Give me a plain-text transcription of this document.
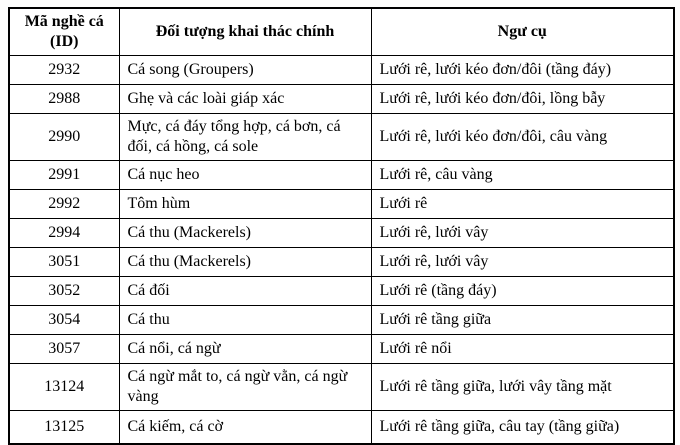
Mã nghề cá (ID)	Đối tượng khai thác chính	Ngư cụ
2932	Cá song (Groupers)	Lưới rê, lưới kéo đơn/đôi (tầng đáy)
2988	Ghẹ và các loài giáp xác	Lưới rê, lưới kéo đơn/đôi, lồng bẫy
2990	Mực, cá đáy tổng hợp, cá bơn, cá đối, cá hồng, cá sole	Lưới rê, lưới kéo đơn/đôi, câu vàng
2991	Cá nục heo	Lưới rê, câu vàng
2992	Tôm hùm	Lưới rê
2994	Cá thu (Mackerels)	Lưới rê, lưới vây
3051	Cá thu (Mackerels)	Lưới rê, lưới vây
3052	Cá đối	Lưới rê (tầng đáy)
3054	Cá thu	Lưới rê tầng giữa
3057	Cá nổi, cá ngừ	Lưới rê nổi
13124	Cá ngừ mắt to, cá ngừ vằn, cá ngừ vàng	Lưới rê tầng giữa, lưới vây tầng mặt
13125	Cá kiếm, cá cờ	Lưới rê tầng giữa, câu tay (tầng giữa)
